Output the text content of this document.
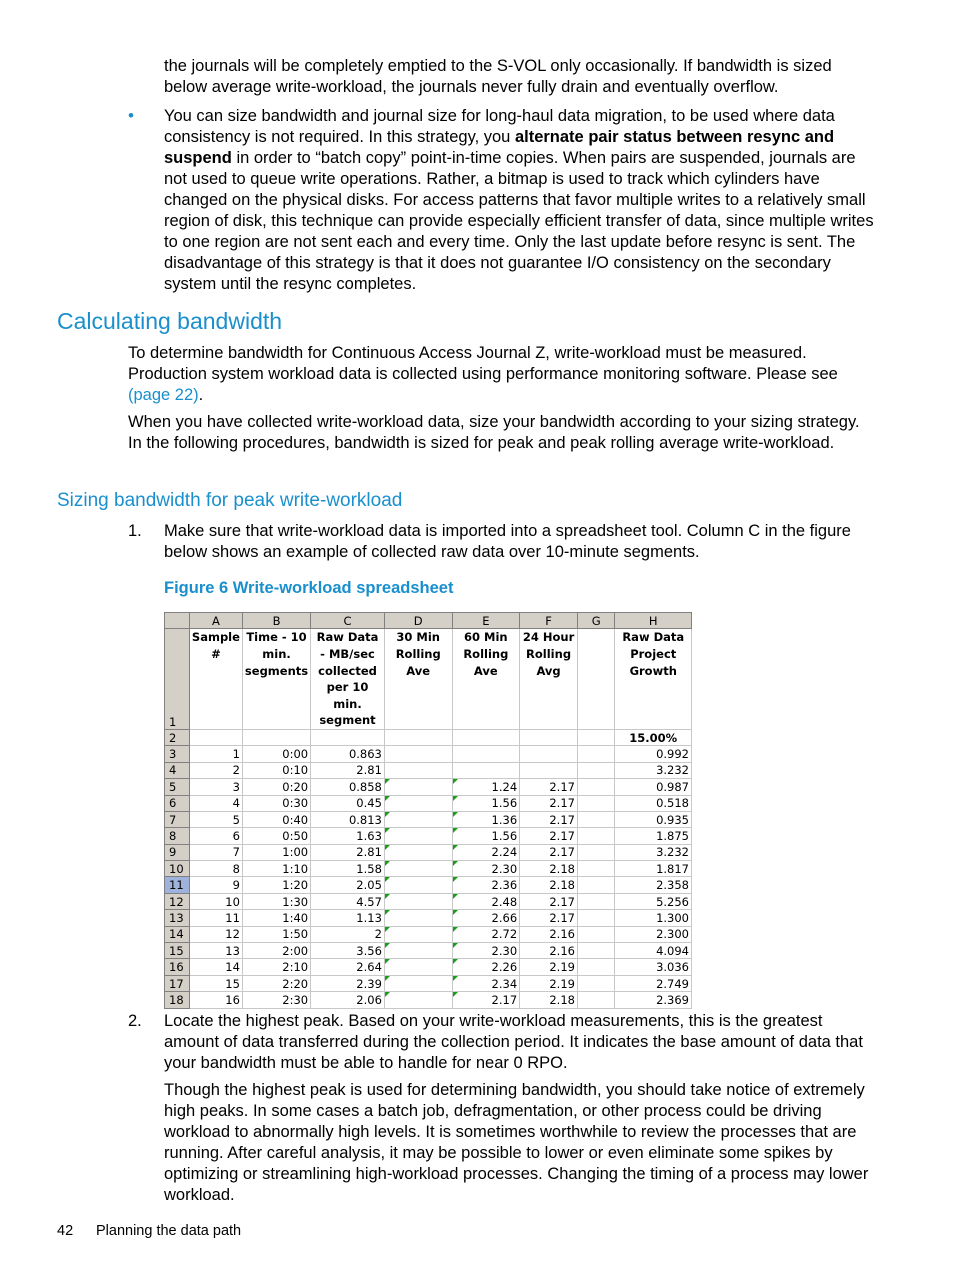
the journals will be completely emptied to the S-VOL only occasionally. If bandwidth is sized below average write-workload, the journals never fully drain and eventually overflow.

• You can size bandwidth and journal size for long-haul data migration, to be used where data consistency is not required. In this strategy, you alternate pair status between resync and suspend in order to “batch copy” point-in-time copies. When pairs are suspended, journals are not used to queue write operations. Rather, a bitmap is used to track which cylinders have changed on the physical disks. For access patterns that favor multiple writes to a relatively small region of disk, this technique can provide especially efficient transfer of data, since multiple writes to one region are not sent each and every time. Only the last update before resync is sent. The disadvantage of this strategy is that it does not guarantee I/O consistency on the secondary system until the resync completes.

Calculating bandwidth

To determine bandwidth for Continuous Access Journal Z, write-workload must be measured. Production system workload data is collected using performance monitoring software. Please see (page 22).

When you have collected write-workload data, size your bandwidth according to your sizing strategy. In the following procedures, bandwidth is sized for peak and peak rolling average write-workload.

Sizing bandwidth for peak write-workload
1. Make sure that write-workload data is imported into a spreadsheet tool. Column C in the figure below shows an example of collected raw data over 10-minute segments.

Figure 6 Write-workload spreadsheet
	A	B	C	D	E	F	G	H
1	Sample #	Time - 10 min. segments	Raw Data - MB/sec collected per 10 min. segment	30 Min Rolling Ave	60 Min Rolling Ave	24 Hour Rolling Avg		Raw Data Project Growth
2								15.00%
3	1	0:00	0.863					0.992
4	2	0:10	2.81					3.232
5	3	0:20	0.858		1.24	2.17		0.987
6	4	0:30	0.45		1.56	2.17		0.518
7	5	0:40	0.813		1.36	2.17		0.935
8	6	0:50	1.63		1.56	2.17		1.875
9	7	1:00	2.81		2.24	2.17		3.232
10	8	1:10	1.58		2.30	2.18		1.817
11	9	1:20	2.05		2.36	2.18		2.358
12	10	1:30	4.57		2.48	2.17		5.256
13	11	1:40	1.13		2.66	2.17		1.300
14	12	1:50	2		2.72	2.16		2.300
15	13	2:00	3.56		2.30	2.16		4.094
16	14	2:10	2.64		2.26	2.19		3.036
17	15	2:20	2.39		2.34	2.19		2.749
18	16	2:30	2.06		2.17	2.18		2.369
2. Locate the highest peak. Based on your write-workload measurements, this is the greatest amount of data transferred during the collection period. It indicates the base amount of data that your bandwidth must be able to handle for near 0 RPO.

Though the highest peak is used for determining bandwidth, you should take notice of extremely high peaks. In some cases a batch job, defragmentation, or other process could be driving workload to abnormally high levels. It is sometimes worthwhile to review the processes that are running. After careful analysis, it may be possible to lower or even eliminate some spikes by optimizing or streamlining high-workload processes. Changing the timing of a process may lower workload.

42 Planning the data path
